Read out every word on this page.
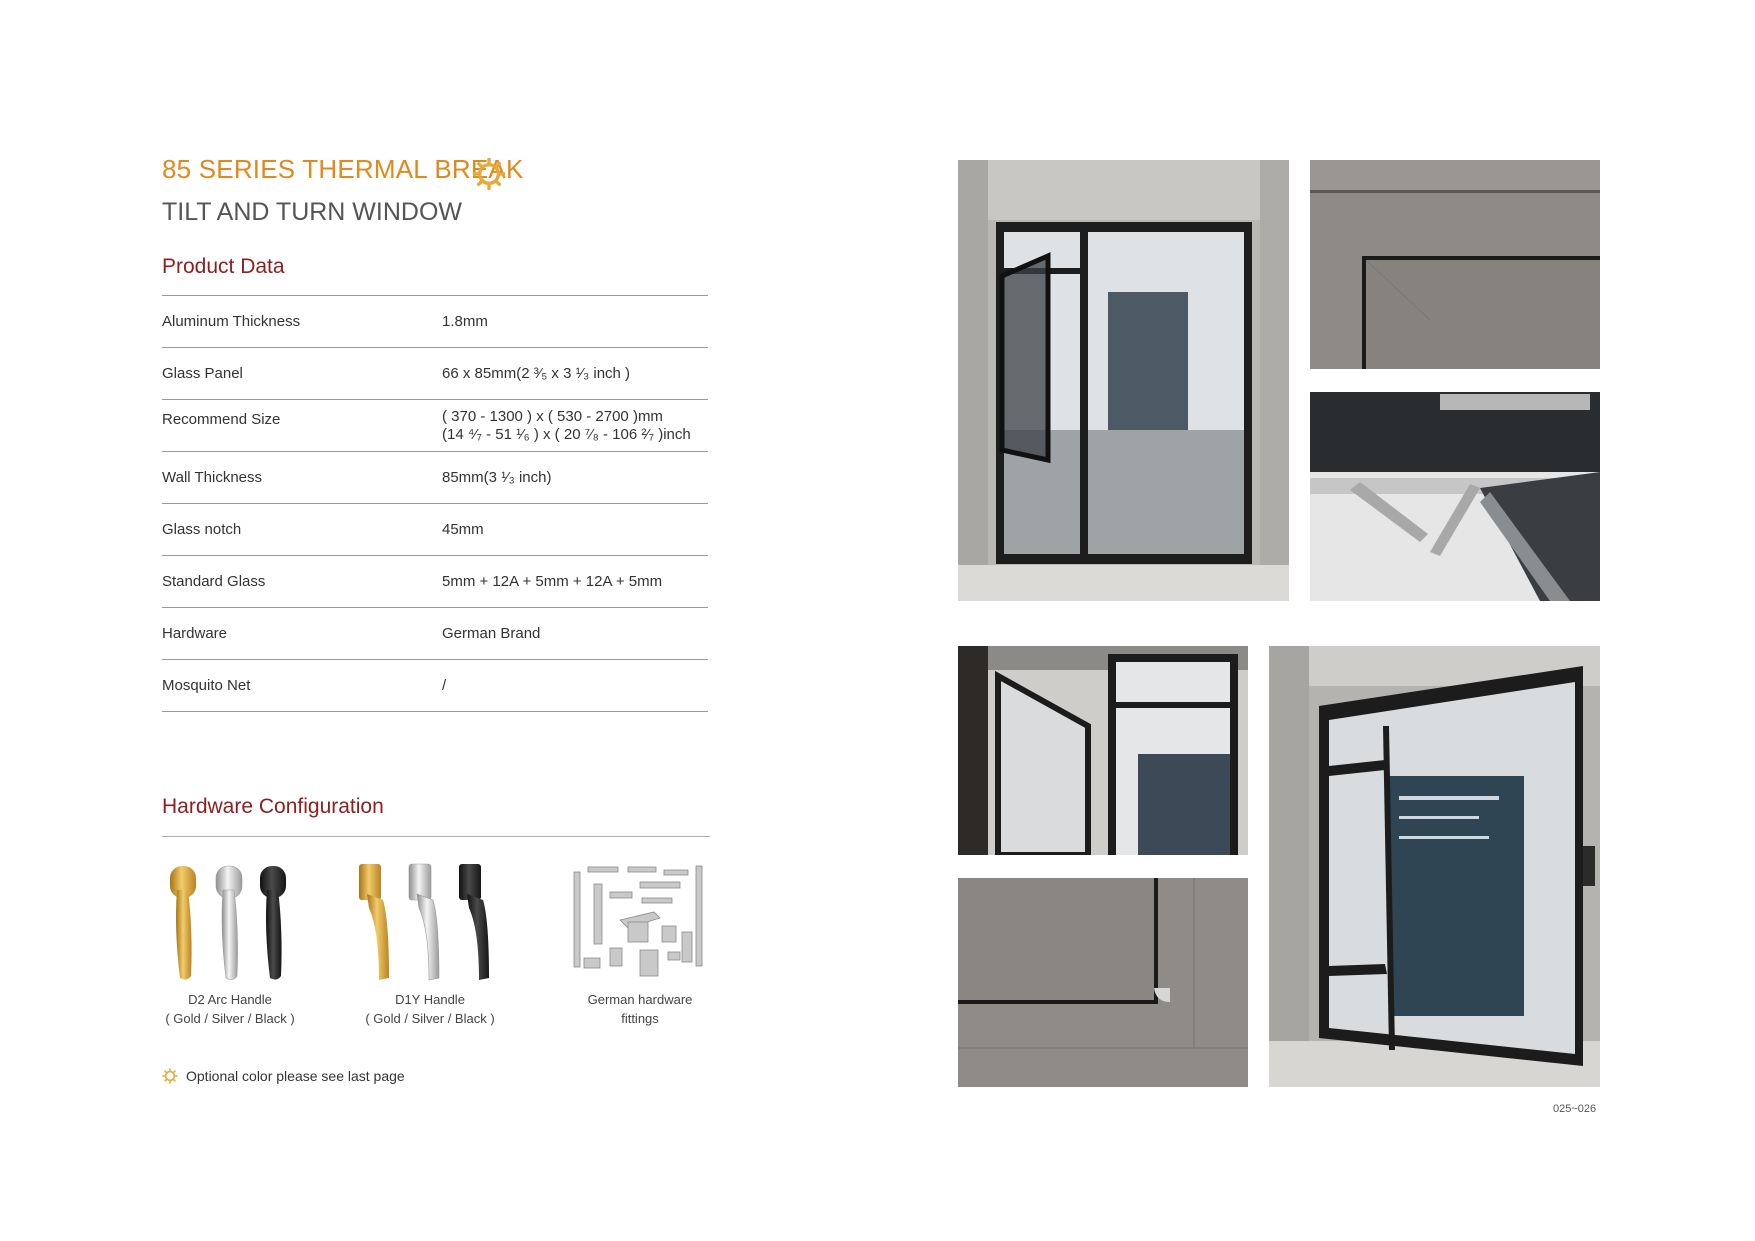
85 SERIES THERMAL BREAK
TILT AND TURN WINDOW
Product Data
Aluminum Thickness	1.8mm
Glass Panel	66 x 85mm(2 ³⁄₅ x 3 ¹⁄₃ inch )
Recommend Size	( 370 - 1300 ) x ( 530 - 2700 )mm
(14 ⁴⁄₇ - 51 ¹⁄₆ ) x ( 20 ⁷⁄₈ - 106 ²⁄₇ )inch
Wall Thickness	85mm(3 ¹⁄₃ inch)
Glass notch	45mm
Standard Glass	5mm + 12A + 5mm + 12A + 5mm
Hardware	German Brand
Mosquito Net	/
Hardware Configuration
D2 Arc Handle
( Gold / Silver / Black )
D1Y Handle
( Gold / Silver / Black )
German hardware
fittings
Optional color please see last page
025~026
